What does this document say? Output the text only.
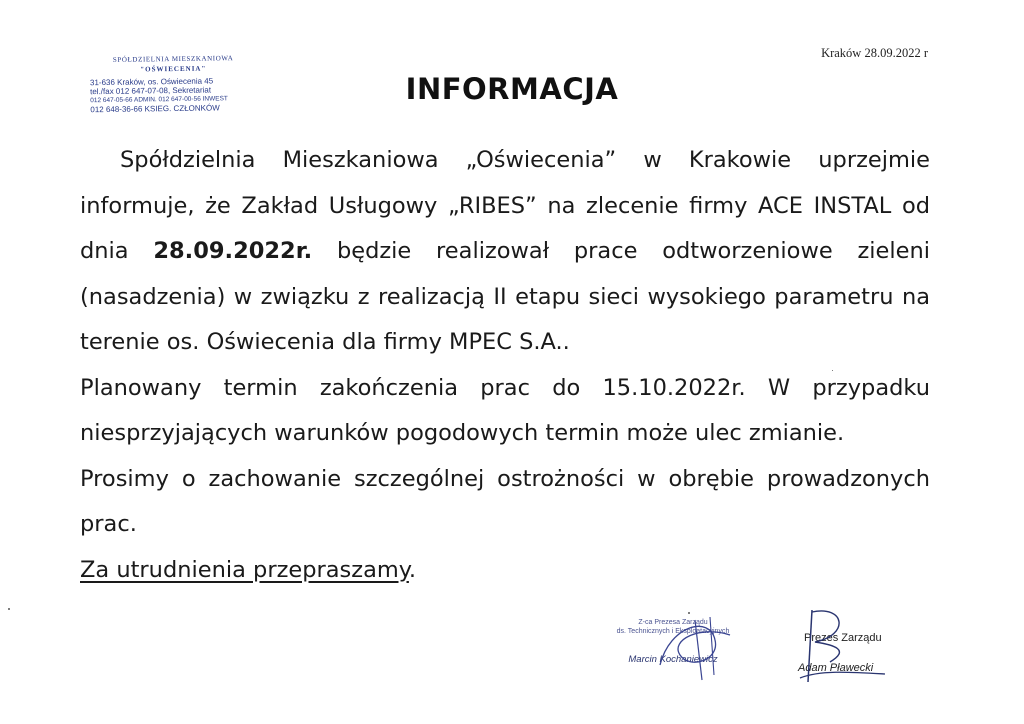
SPÓŁDZIELNIA MIESZKANIOWA
"OŚWIECENIA"
31-636 Kraków, os. Oświecenia 45
tel./fax 012 647-07-08, Sekretariat
012 647-05-66 ADMIN. 012 647-00-56 INWEST
012 648-36-66 KSIEG. CZŁONKÓW
Kraków 28.09.2022 r
INFORMACJA

Spółdzielnia Mieszkaniowa „Oświecenia” w Krakowie uprzejmie informuje, że Zakład Usługowy „RIBES” na zlecenie firmy ACE INSTAL od dnia 28.09.2022r. będzie realizował prace odtworzeniowe zieleni (nasadzenia) w związku z realizacją II etapu sieci wysokiego parametru na terenie os. Oświecenia dla firmy MPEC S.A..

Planowany termin zakończenia prac do 15.10.2022r. W przypadku niesprzyjających warunków pogodowych termin może ulec zmianie.

Prosimy o zachowanie szczególnej ostrożności w obrębie prowadzonych prac.

Za utrudnienia przepraszamy.

Z-ca Prezesa Zarządu
ds. Technicznych i Eksploatacyjnych
Marcin Kochaniewicz
Prezes Zarządu
Adam Pławecki
